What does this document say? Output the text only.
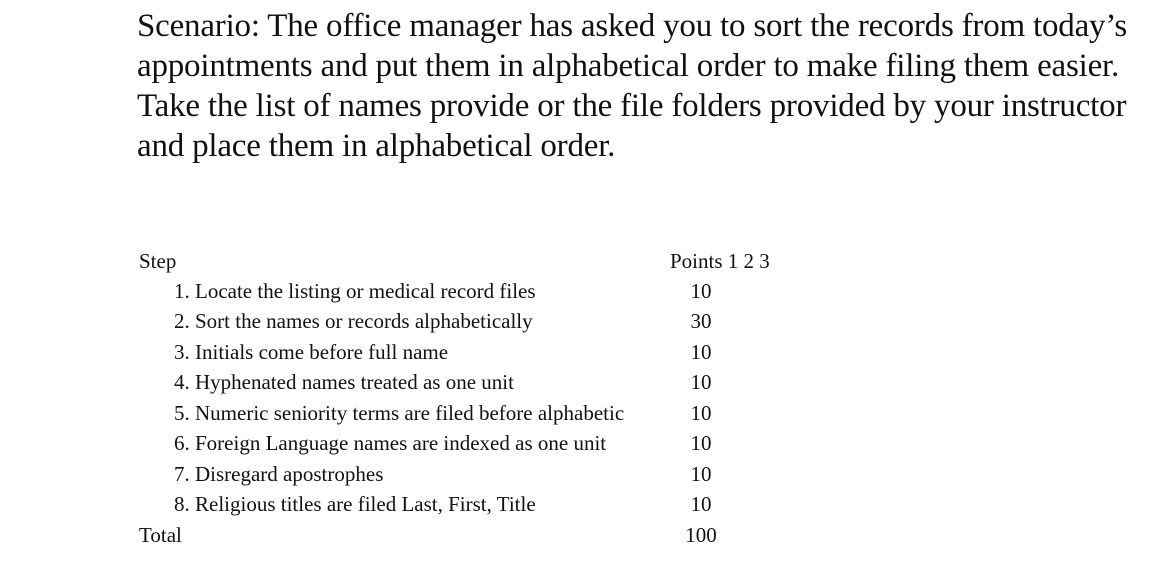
Scenario: The office manager has asked you to sort the records from today’s appointments and put them in alphabetical order to make filing them easier. Take the list of names provide or the file folders provided by your instructor and place them in alphabetical order.

Step	Points 1 2 3
1. Locate the listing or medical record files	10
2. Sort the names or records alphabetically	30
3. Initials come before full name	10
4. Hyphenated names treated as one unit	10
5. Numeric seniority terms are filed before alphabetic	10
6. Foreign Language names are indexed as one unit	10
7. Disregard apostrophes	10
8. Religious titles are filed Last, First, Title	10
Total	100
